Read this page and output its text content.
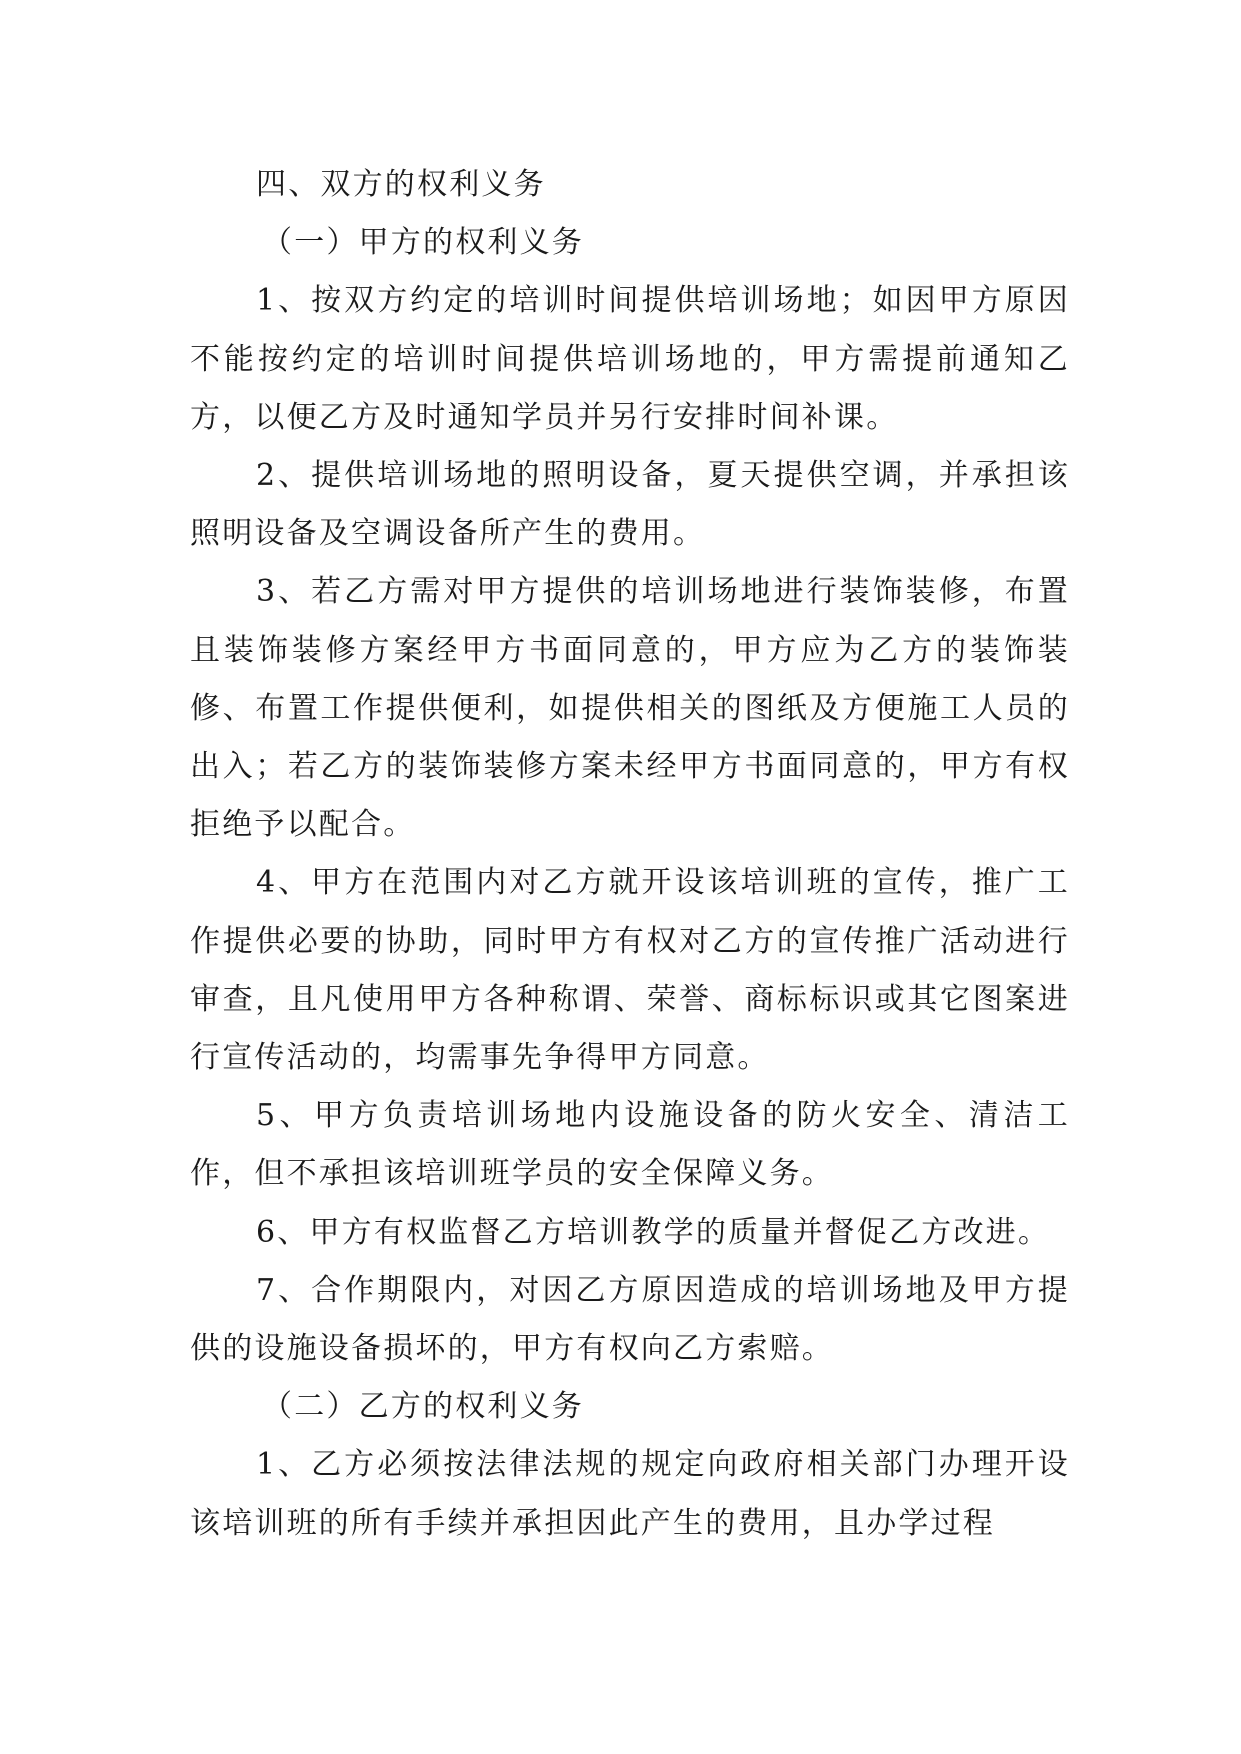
四、双方的权利义务

（一）甲方的权利义务

1、按双方约定的培训时间提供培训场地；如因甲方原因不能按约定的培训时间提供培训场地的，甲方需提前通知乙方，以便乙方及时通知学员并另行安排时间补课。

2、提供培训场地的照明设备，夏天提供空调，并承担该照明设备及空调设备所产生的费用。

3、若乙方需对甲方提供的培训场地进行装饰装修，布置且装饰装修方案经甲方书面同意的，甲方应为乙方的装饰装修、布置工作提供便利，如提供相关的图纸及方便施工人员的出入；若乙方的装饰装修方案未经甲方书面同意的，甲方有权拒绝予以配合。

4、甲方在范围内对乙方就开设该培训班的宣传，推广工作提供必要的协助，同时甲方有权对乙方的宣传推广活动进行审查，且凡使用甲方各种称谓、荣誉、商标标识或其它图案进行宣传活动的，均需事先争得甲方同意。

5、甲方负责培训场地内设施设备的防火安全、清洁工作，但不承担该培训班学员的安全保障义务。

6、甲方有权监督乙方培训教学的质量并督促乙方改进。

7、合作期限内，对因乙方原因造成的培训场地及甲方提供的设施设备损坏的，甲方有权向乙方索赔。

（二）乙方的权利义务

1、乙方必须按法律法规的规定向政府相关部门办理开设该培训班的所有手续并承担因此产生的费用，且办学过程
